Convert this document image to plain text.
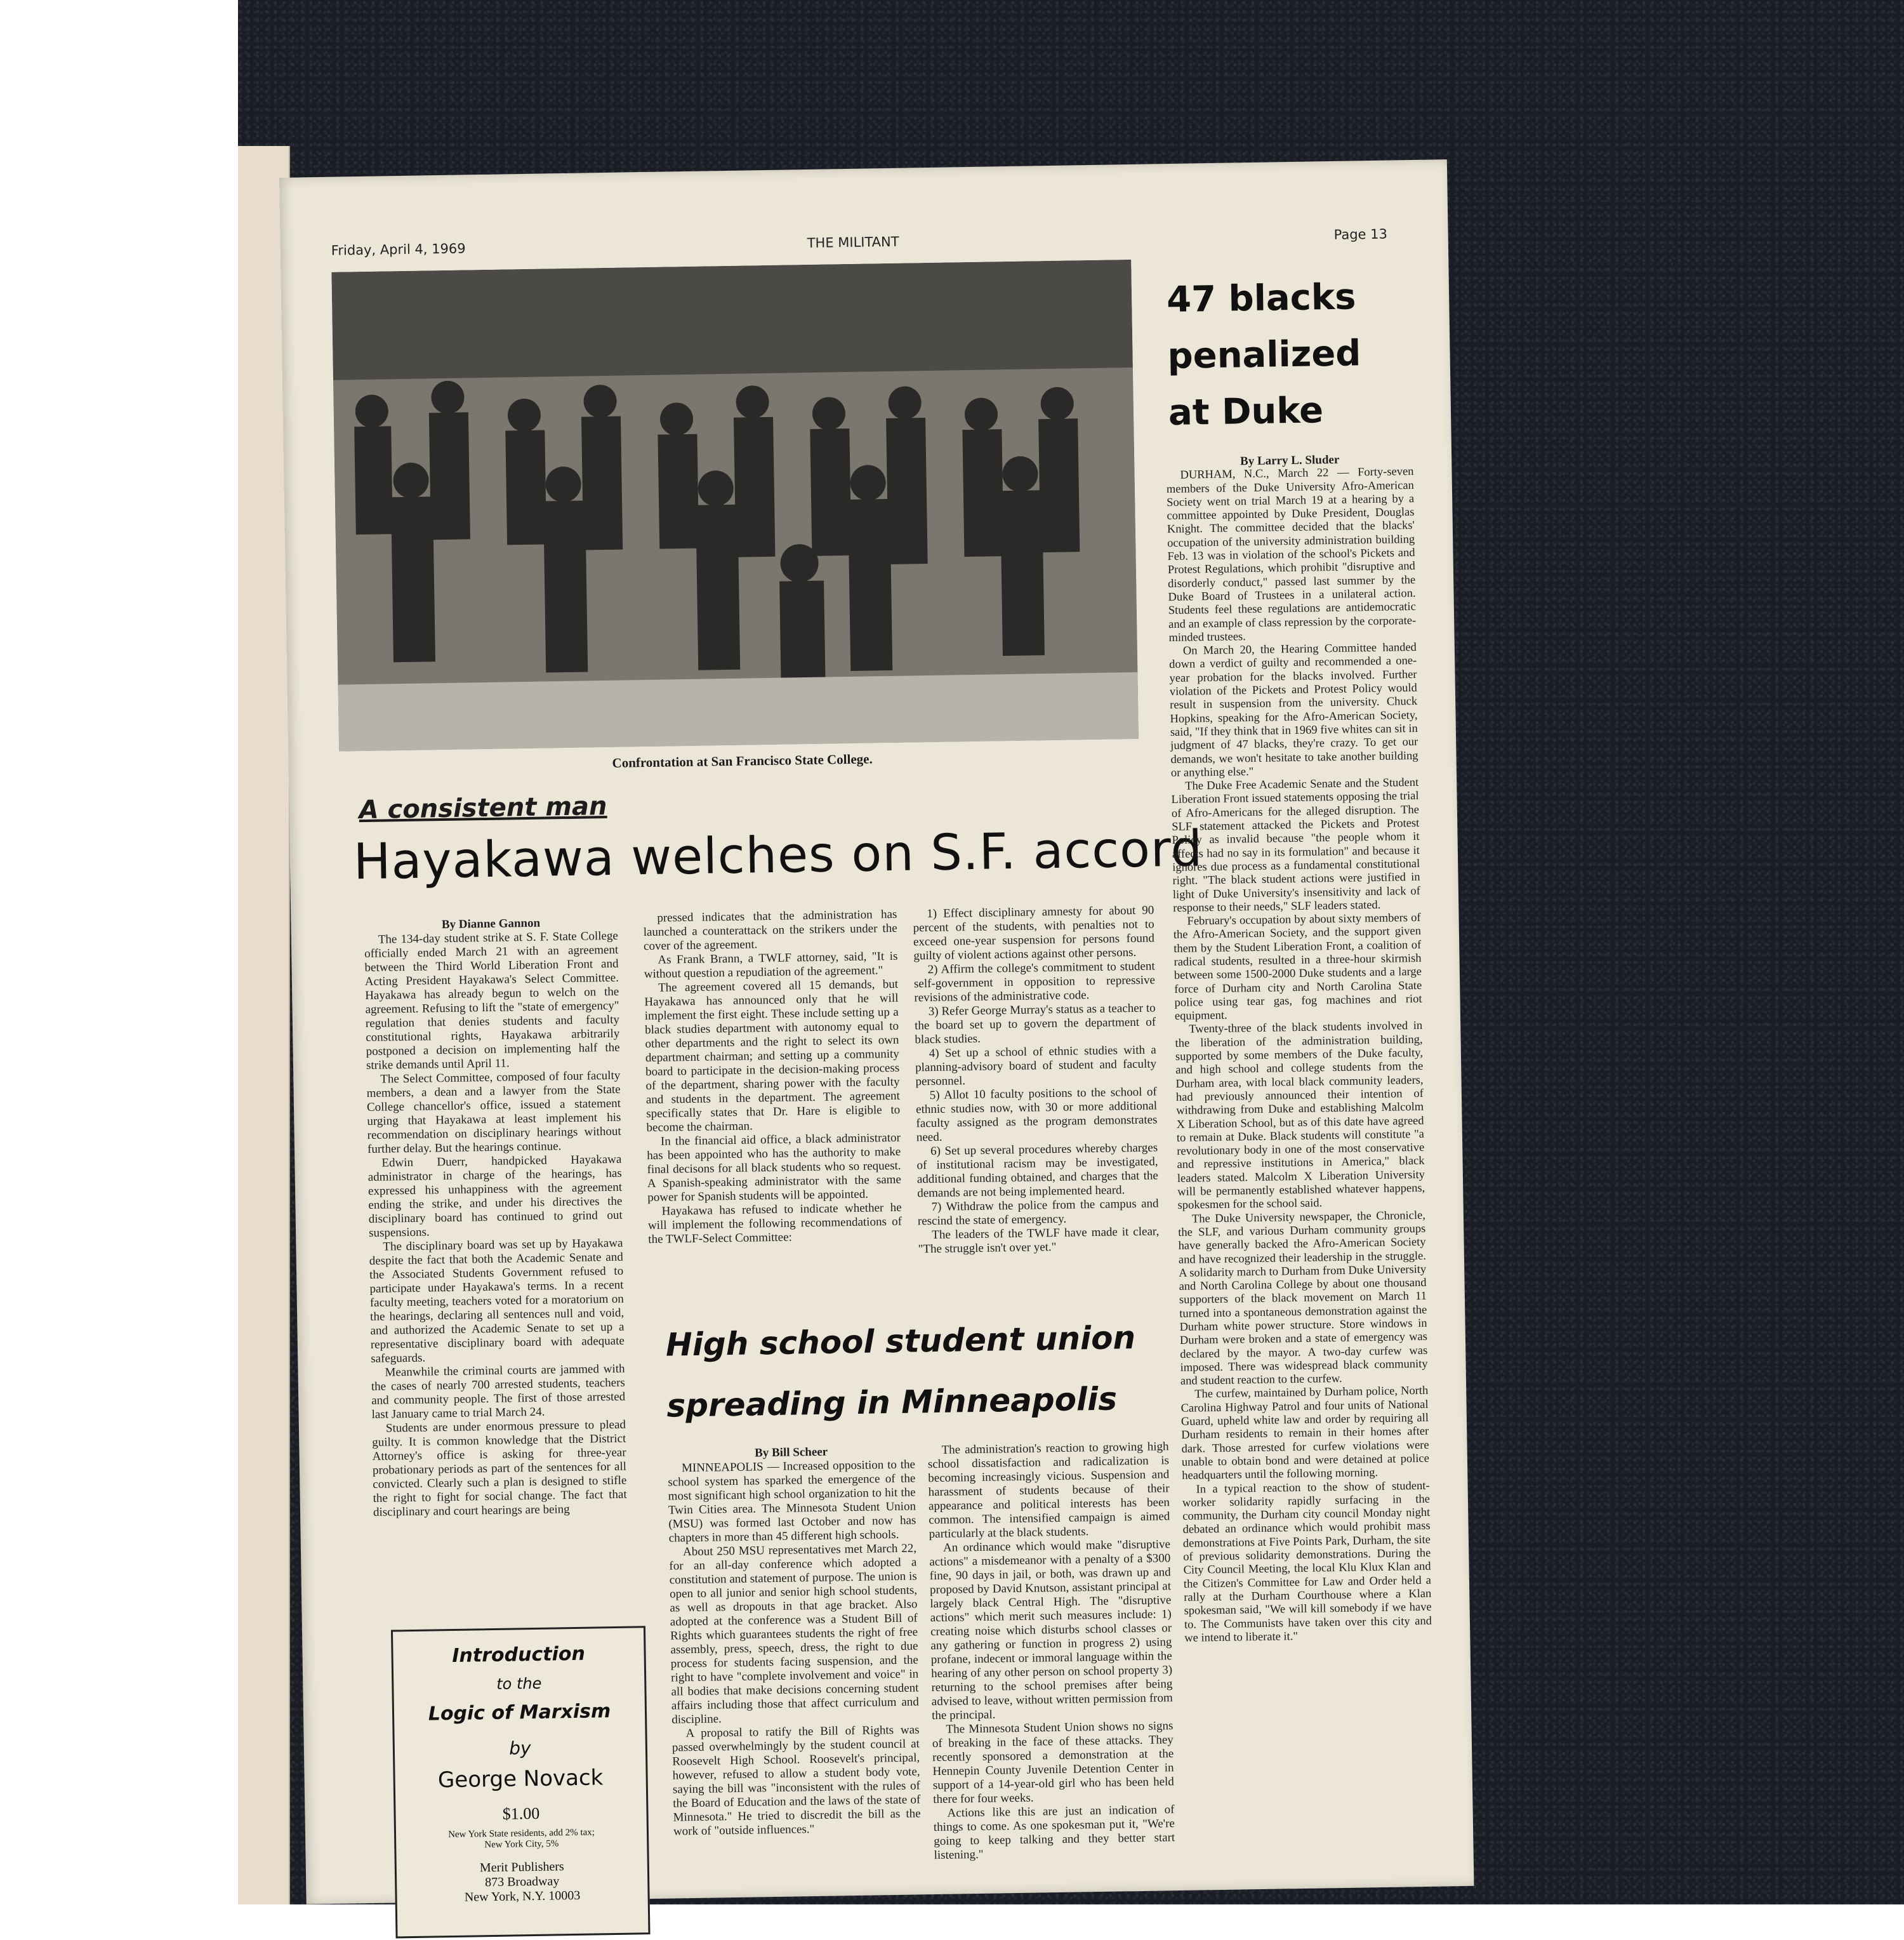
Friday, April 4, 1969	THE MILITANT	Page 13
Confrontation at San Francisco State College.
A consistent man
Hayakawa welches on S.F. accord

By Dianne Gannon

The 134-day student strike at S. F. State College officially ended March 21 with an agreement between the Third World Liberation Front and Acting President Hayakawa's Select Committee. Hayakawa has already begun to welch on the agreement. Refusing to lift the "state of emergency" regulation that denies students and faculty constitutional rights, Hayakawa arbitrarily postponed a decision on implementing half the strike demands until April 11.

The Select Committee, composed of four faculty members, a dean and a lawyer from the State College chancellor's office, issued a statement urging that Hayakawa at least implement his recommendation on disciplinary hearings without further delay. But the hearings continue.

Edwin Duerr, handpicked Hayakawa administrator in charge of the hearings, has expressed his unhappiness with the agreement ending the strike, and under his directives the disciplinary board has continued to grind out suspensions.

The disciplinary board was set up by Hayakawa despite the fact that both the Academic Senate and the Associated Students Government refused to participate under Hayakawa's terms. In a recent faculty meeting, teachers voted for a moratorium on the hearings, declaring all sentences null and void, and authorized the Academic Senate to set up a representative disciplinary board with adequate safeguards.

Meanwhile the criminal courts are jammed with the cases of nearly 700 arrested students, teachers and community people. The first of those arrested last January came to trial March 24.

Students are under enormous pressure to plead guilty. It is common knowledge that the District Attorney's office is asking for three-year probationary periods as part of the sentences for all convicted. Clearly such a plan is designed to stifle the right to fight for social change. The fact that disciplinary and court hearings are being

pressed indicates that the administration has launched a counterattack on the strikers under the cover of the agreement.

As Frank Brann, a TWLF attorney, said, "It is without question a repudiation of the agreement."

The agreement covered all 15 demands, but Hayakawa has announced only that he will implement the first eight. These include setting up a black studies department with autonomy equal to other departments and the right to select its own department chairman; and setting up a community board to participate in the decision-making process of the department, sharing power with the faculty and students in the department. The agreement specifically states that Dr. Hare is eligible to become the chairman.

In the financial aid office, a black administrator has been appointed who has the authority to make final decisons for all black students who so request. A Spanish-speaking administrator with the same power for Spanish students will be appointed.

Hayakawa has refused to indicate whether he will implement the following recommendations of the TWLF-Select Committee:

1) Effect disciplinary amnesty for about 90 percent of the students, with penalties not to exceed one-year suspension for persons found guilty of violent actions against other persons.

2) Affirm the college's commitment to student self-government in opposition to repressive revisions of the administrative code.

3) Refer George Murray's status as a teacher to the board set up to govern the department of black studies.

4) Set up a school of ethnic studies with a planning-advisory board of student and faculty personnel.

5) Allot 10 faculty positions to the school of ethnic studies now, with 30 or more additional faculty assigned as the program demonstrates need.

6) Set up several procedures whereby charges of institutional racism may be investigated, additional funding obtained, and charges that the demands are not being implemented heard.

7) Withdraw the police from the campus and rescind the state of emergency.

The leaders of the TWLF have made it clear, "The struggle isn't over yet."

47 blacks
penalized
at Duke

By Larry L. Sluder

DURHAM, N.C., March 22 — Forty-seven members of the Duke University Afro-American Society went on trial March 19 at a hearing by a committee appointed by Duke President, Douglas Knight. The committee decided that the blacks' occupation of the university administration building Feb. 13 was in violation of the school's Pickets and Protest Regulations, which prohibit "disruptive and disorderly conduct," passed last summer by the Duke Board of Trustees in a unilateral action. Students feel these regulations are antidemocratic and an example of class repression by the corporate-minded trustees.

On March 20, the Hearing Committee handed down a verdict of guilty and recommended a one-year probation for the blacks involved. Further violation of the Pickets and Protest Policy would result in suspension from the university. Chuck Hopkins, speaking for the Afro-American Society, said, "If they think that in 1969 five whites can sit in judgment of 47 blacks, they're crazy. To get our demands, we won't hesitate to take another building or anything else."

The Duke Free Academic Senate and the Student Liberation Front issued statements opposing the trial of Afro-Americans for the alleged disruption. The SLF statement attacked the Pickets and Protest Policy as invalid because "the people whom it affects had no say in its formulation" and because it ignores due process as a fundamental constitutional right. "The black student actions were justified in light of Duke University's insensitivity and lack of response to their needs," SLF leaders stated.

February's occupation by about sixty members of the Afro-American Society, and the support given them by the Student Liberation Front, a coalition of radical students, resulted in a three-hour skirmish between some 1500-2000 Duke students and a large force of Durham city and North Carolina State police using tear gas, fog machines and riot equipment.

Twenty-three of the black students involved in the liberation of the administration building, supported by some members of the Duke faculty, and high school and college students from the Durham area, with local black community leaders, had previously announced their intention of withdrawing from Duke and establishing Malcolm X Liberation School, but as of this date have agreed to remain at Duke. Black students will constitute "a revolutionary body in one of the most conservative and repressive institutions in America," black leaders stated. Malcolm X Liberation University will be permanently established whatever happens, spokesmen for the school said.

The Duke University newspaper, the Chronicle, the SLF, and various Durham community groups have generally backed the Afro-American Society and have recognized their leadership in the struggle. A solidarity march to Durham from Duke University and North Carolina College by about one thousand supporters of the black movement on March 11 turned into a spontaneous demonstration against the Durham white power structure. Store windows in Durham were broken and a state of emergency was declared by the mayor. A two-day curfew was imposed. There was widespread black community and student reaction to the curfew.

The curfew, maintained by Durham police, North Carolina Highway Patrol and four units of National Guard, upheld white law and order by requiring all Durham residents to remain in their homes after dark. Those arrested for curfew violations were unable to obtain bond and were detained at police headquarters until the following morning.

In a typical reaction to the show of student-worker solidarity rapidly surfacing in the community, the Durham city council Monday night debated an ordinance which would prohibit mass demonstrations at Five Points Park, Durham, the site of previous solidarity demonstrations. During the City Council Meeting, the local Klu Klux Klan and the Citizen's Committee for Law and Order held a rally at the Durham Courthouse where a Klan spokesman said, "We will kill somebody if we have to. The Communists have taken over this city and we intend to liberate it."

High school student union
spreading in Minneapolis

By Bill Scheer

MINNEAPOLIS — Increased opposition to the school system has sparked the emergence of the most significant high school organization to hit the Twin Cities area. The Minnesota Student Union (MSU) was formed last October and now has chapters in more than 45 different high schools.

About 250 MSU representatives met March 22, for an all-day conference which adopted a constitution and statement of purpose. The union is open to all junior and senior high school students, as well as dropouts in that age bracket. Also adopted at the conference was a Student Bill of Rights which guarantees students the right of free assembly, press, speech, dress, the right to due process for students facing suspension, and the right to have "complete involvement and voice" in all bodies that make decisions concerning student affairs including those that affect curriculum and discipline.

A proposal to ratify the Bill of Rights was passed overwhelmingly by the student council at Roosevelt High School. Roosevelt's principal, however, refused to allow a student body vote, saying the bill was "inconsistent with the rules of the Board of Education and the laws of the state of Minnesota." He tried to discredit the bill as the work of "outside influences."

The administration's reaction to growing high school dissatisfaction and radicalization is becoming increasingly vicious. Suspension and harassment of students because of their appearance and political interests has been common. The intensified campaign is aimed particularly at the black students.

An ordinance which would make "disruptive actions" a misdemeanor with a penalty of a $300 fine, 90 days in jail, or both, was drawn up and proposed by David Knutson, assistant principal at largely black Central High. The "disruptive actions" which merit such measures include: 1) creating noise which disturbs school classes or any gathering or function in progress 2) using profane, indecent or immoral language within the hearing of any other person on school property 3) returning to the school premises after being advised to leave, without written permission from the principal.

The Minnesota Student Union shows no signs of breaking in the face of these attacks. They recently sponsored a demonstration at the Hennepin County Juvenile Detention Center in support of a 14-year-old girl who has been held there for four weeks.

Actions like this are just an indication of things to come. As one spokesman put it, "We're going to keep talking and they better start listening."

Introduction
to the
Logic of Marxism
by
George Novack
$1.00
New York State residents, add 2% tax;
New York City, 5%
Merit Publishers
873 Broadway
New York, N.Y. 10003
